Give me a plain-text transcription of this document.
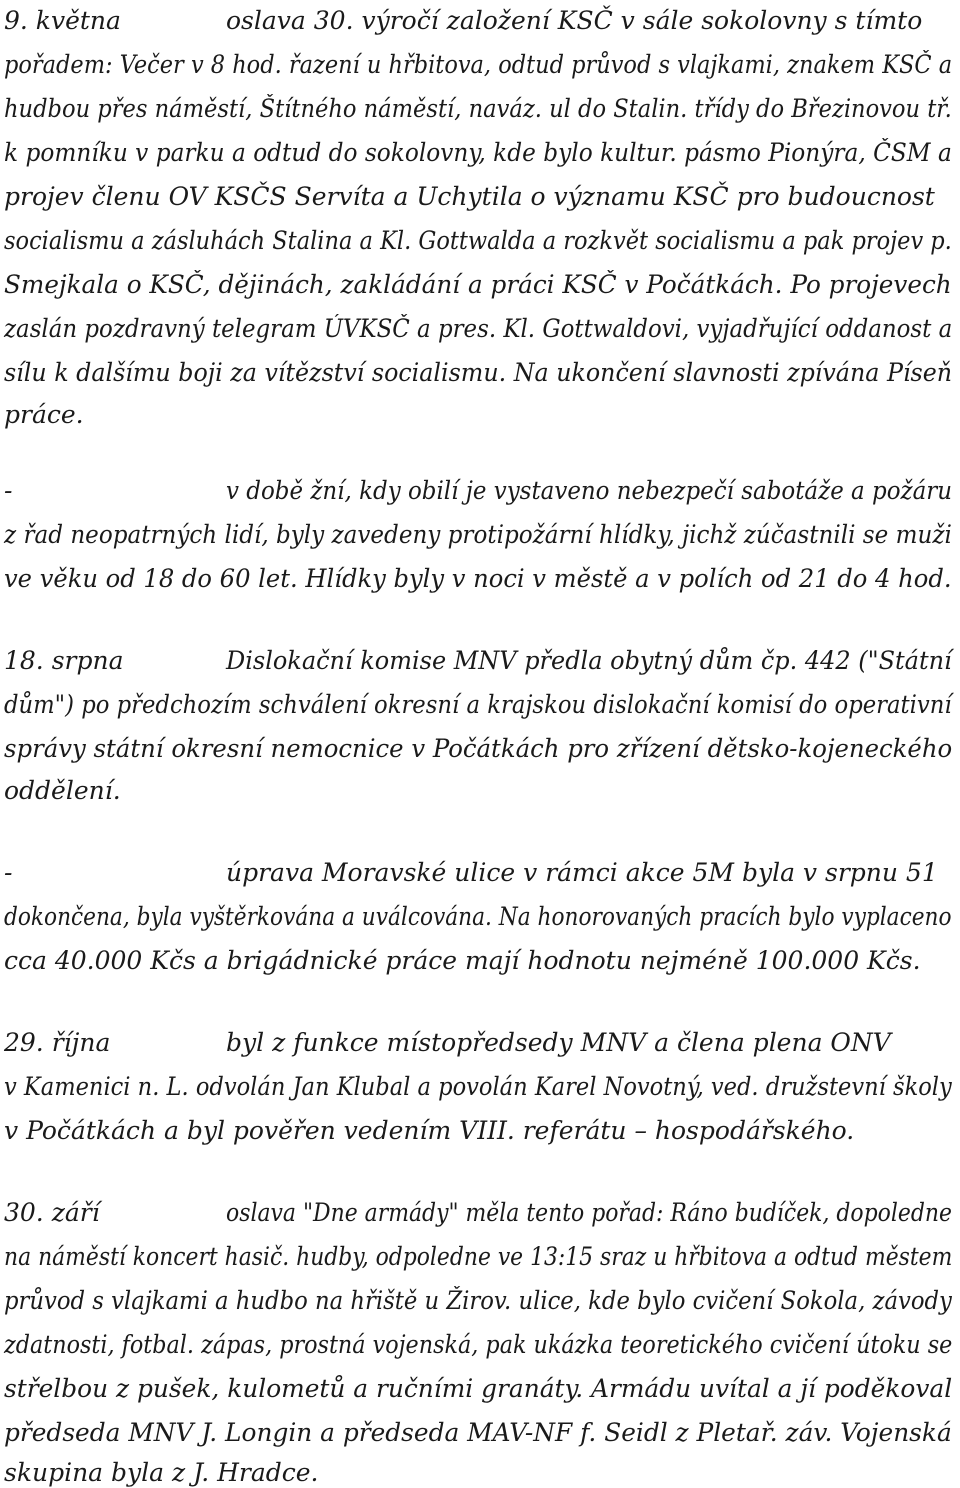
9. května	oslava 30. výročí založení KSČ v sále sokolovny s tímto
pořadem: Večer v 8 hod. řazení u hřbitova, odtud průvod s vlajkami, znakem KSČ a
hudbou přes náměstí, Štítného náměstí, naváz. ul do Stalin. třídy do Březinovou tř.
k pomníku v parku a odtud do sokolovny, kde bylo kultur. pásmo Pionýra, ČSM a
projev členu OV KSČS Servíta a Uchytila o významu KSČ pro budoucnost
socialismu a zásluhách Stalina a Kl. Gottwalda a rozkvět socialismu a pak projev p.
Smejkala o KSČ, dějinách, zakládání a práci KSČ v Počátkách. Po projevech
zaslán pozdravný telegram ÚVKSČ a pres. Kl. Gottwaldovi, vyjadřující oddanost a
sílu k dalšímu boji za vítězství socialismu. Na ukončení slavnosti zpívána Píseň
práce.
-	v době žní, kdy obilí je vystaveno nebezpečí sabotáže a požáru
z řad neopatrných lidí, byly zavedeny protipožární hlídky, jichž zúčastnili se muži
ve věku od 18 do 60 let. Hlídky byly v noci v městě a v polích od 21 do 4 hod.
18. srpna	Dislokační komise MNV předla obytný dům čp. 442 ("Státní
dům") po předchozím schválení okresní a krajskou dislokační komisí do operativní
správy státní okresní nemocnice v Počátkách pro zřízení dětsko-kojeneckého
oddělení.
-	úprava Moravské ulice v rámci akce 5M byla v srpnu 51
dokončena, byla vyštěrkována a uválcována. Na honorovaných pracích bylo vyplaceno
cca 40.000 Kčs a brigádnické práce mají hodnotu nejméně 100.000 Kčs.
29. října	byl z funkce místopředsedy MNV a člena plena ONV
v Kamenici n. L. odvolán Jan Klubal a povolán Karel Novotný, ved. družstevní školy
v Počátkách a byl pověřen vedením VIII. referátu – hospodářského.
30. září	oslava "Dne armády" měla tento pořad: Ráno budíček, dopoledne
na náměstí koncert hasič. hudby, odpoledne ve 13:15 sraz u hřbitova a odtud městem
průvod s vlajkami a hudbo na hřiště u Žirov. ulice, kde bylo cvičení Sokola, závody
zdatnosti, fotbal. zápas, prostná vojenská, pak ukázka teoretického cvičení útoku se
střelbou z pušek, kulometů a ručními granáty. Armádu uvítal a jí poděkoval
předseda MNV J. Longin a předseda MAV-NF f. Seidl z Pletař. záv. Vojenská
skupina byla z J. Hradce.
